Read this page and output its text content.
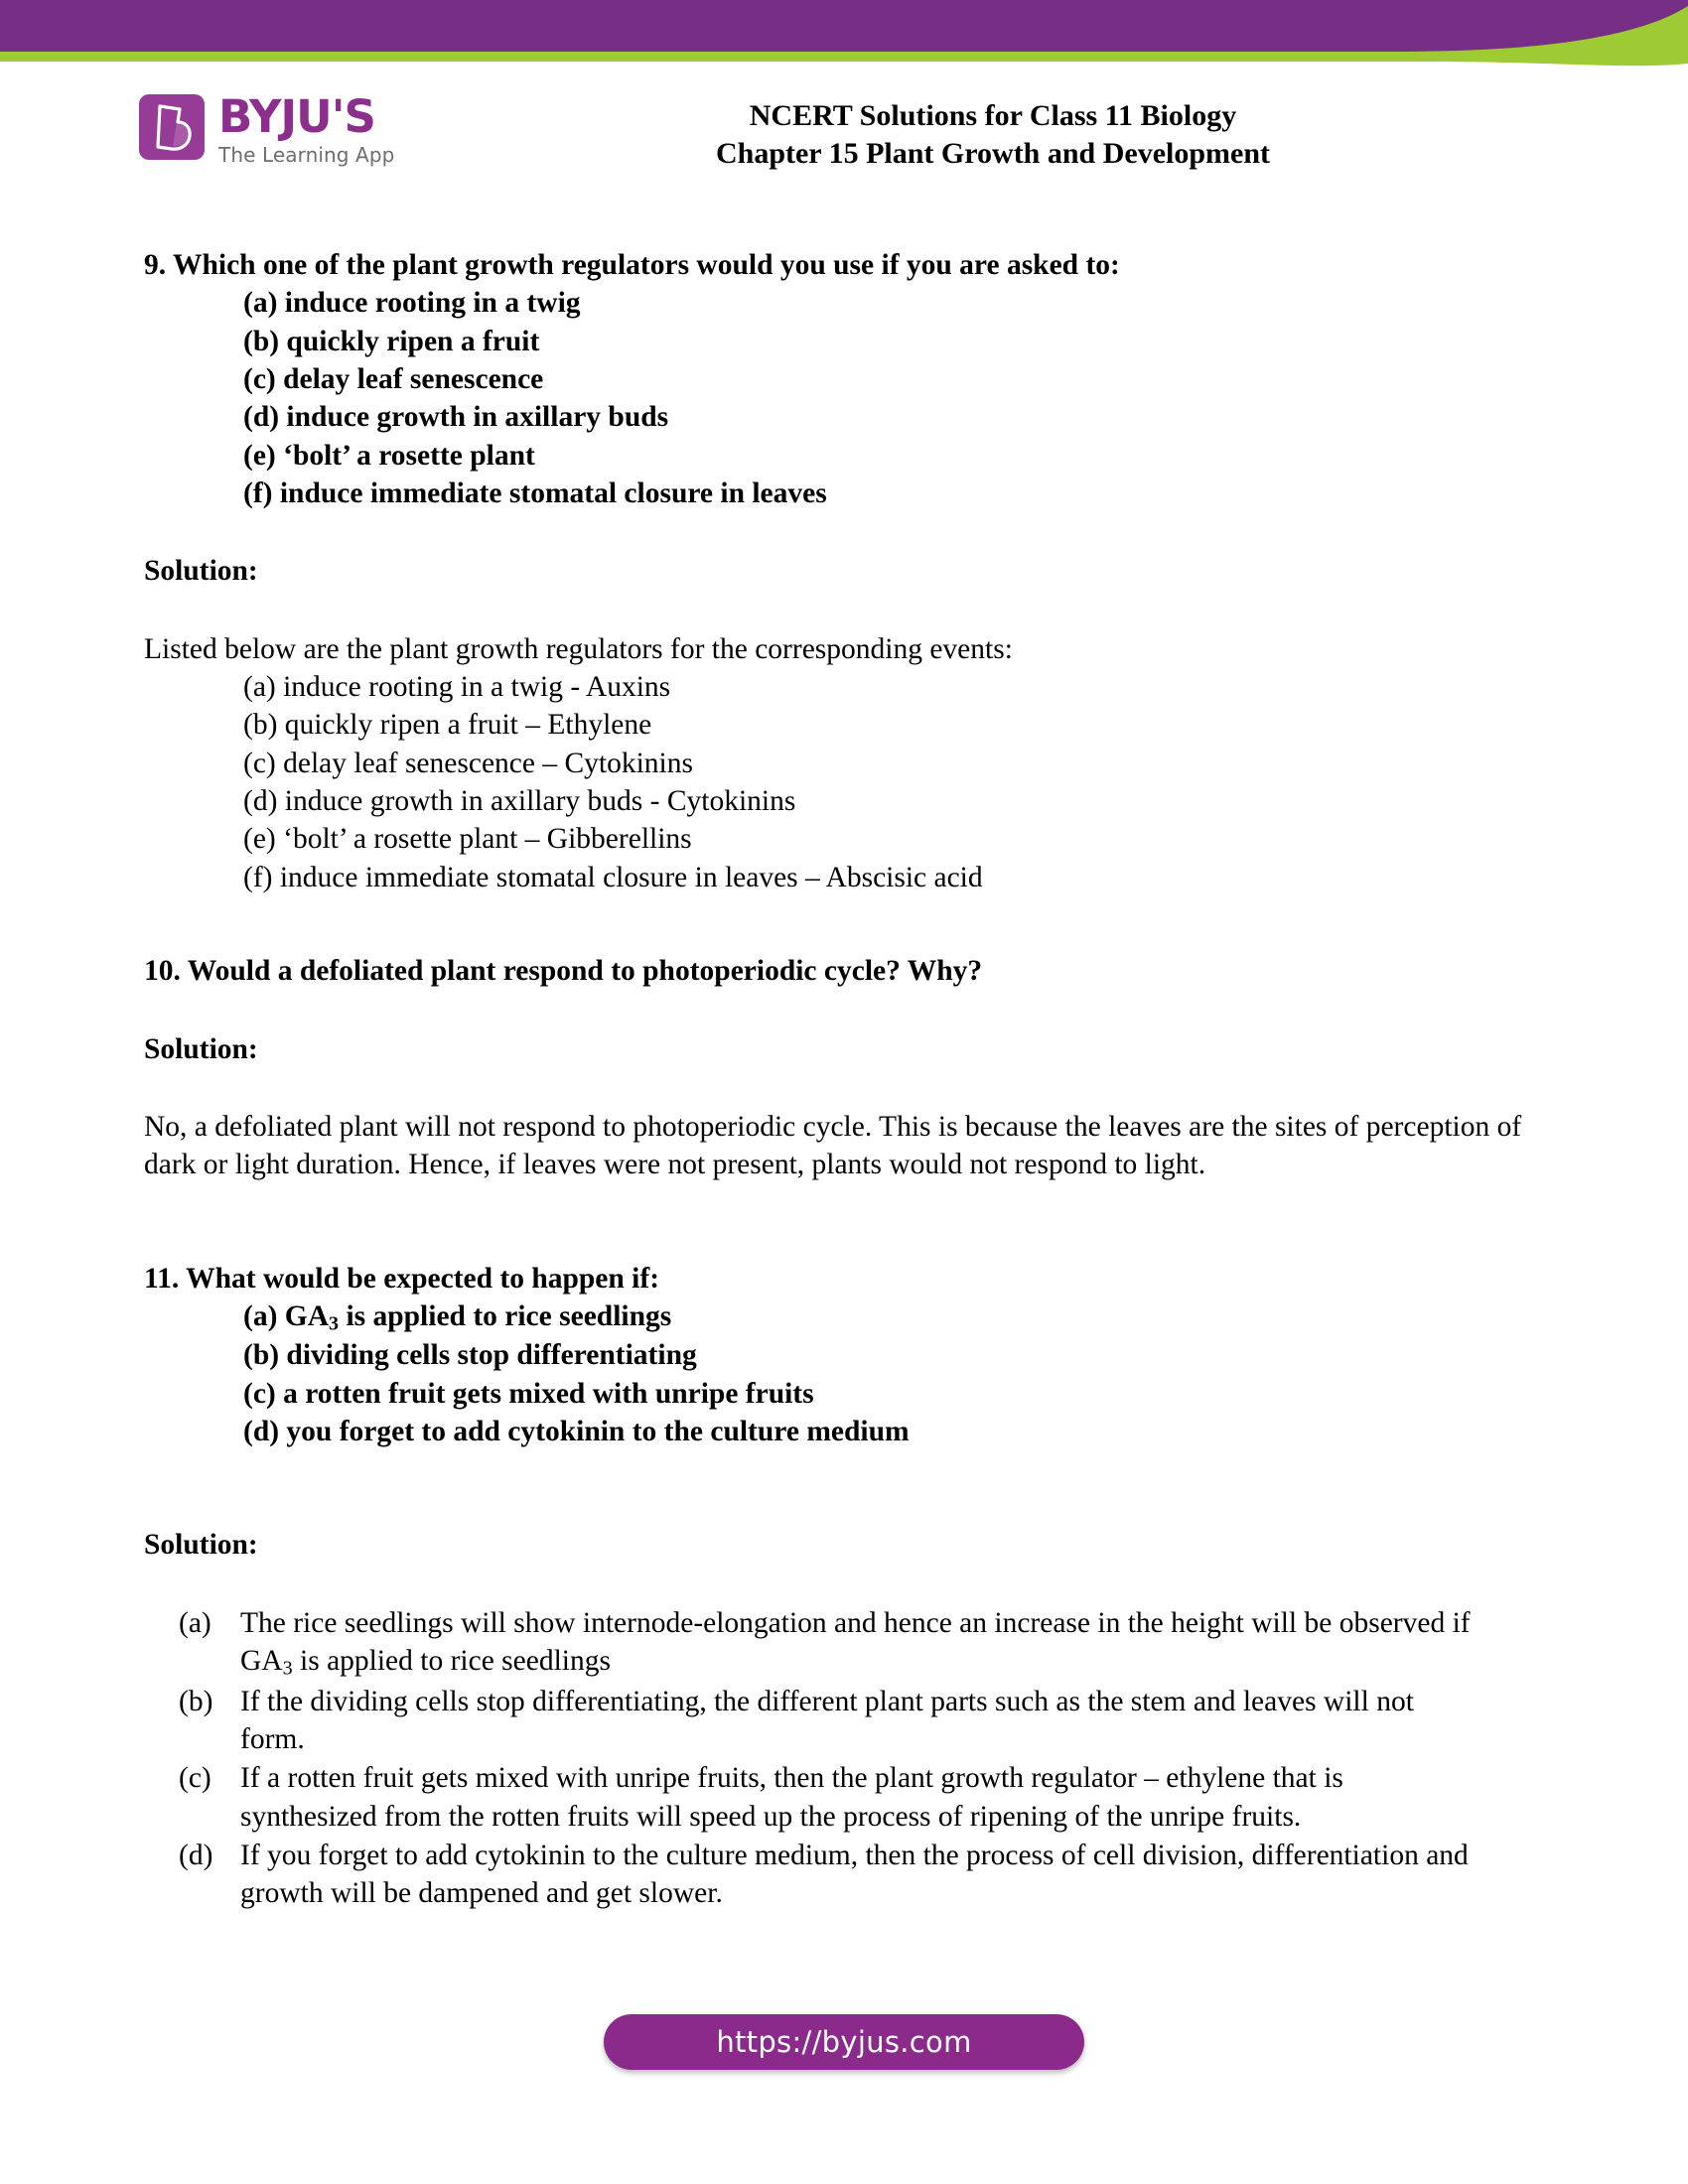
BYJU'S
The Learning App
NCERT Solutions for Class 11 Biology
Chapter 15 Plant Growth and Development

9. Which one of the plant growth regulators would you use if you are asked to:

(a) induce rooting in a twig
(b) quickly ripen a fruit
(c) delay leaf senescence
(d) induce growth in axillary buds
(e) ‘bolt’ a rosette plant
(f) induce immediate stomatal closure in leaves

Solution:

Listed below are the plant growth regulators for the corresponding events:

(a) induce rooting in a twig - Auxins
(b) quickly ripen a fruit – Ethylene
(c) delay leaf senescence – Cytokinins
(d) induce growth in axillary buds - Cytokinins
(e) ‘bolt’ a rosette plant – Gibberellins
(f) induce immediate stomatal closure in leaves – Abscisic acid

10. Would a defoliated plant respond to photoperiodic cycle? Why?

Solution:

No, a defoliated plant will not respond to photoperiodic cycle. This is because the leaves are the sites of perception of dark or light duration. Hence, if leaves were not present, plants would not respond to light.

11. What would be expected to happen if:

(a) $GA_3$ is applied to rice seedlings
(b) dividing cells stop differentiating
(c) a rotten fruit gets mixed with unripe fruits
(d) you forget to add cytokinin to the culture medium

Solution:

(a) The rice seedlings will show internode-elongation and hence an increase in the height will be observed if $GA_3$ is applied to rice seedlings
(b) If the dividing cells stop differentiating, the different plant parts such as the stem and leaves will not form.
(c) If a rotten fruit gets mixed with unripe fruits, then the plant growth regulator – ethylene that is synthesized from the rotten fruits will speed up the process of ripening of the unripe fruits.
(d) If you forget to add cytokinin to the culture medium, then the process of cell division, differentiation and growth will be dampened and get slower.
https://byjus.com
